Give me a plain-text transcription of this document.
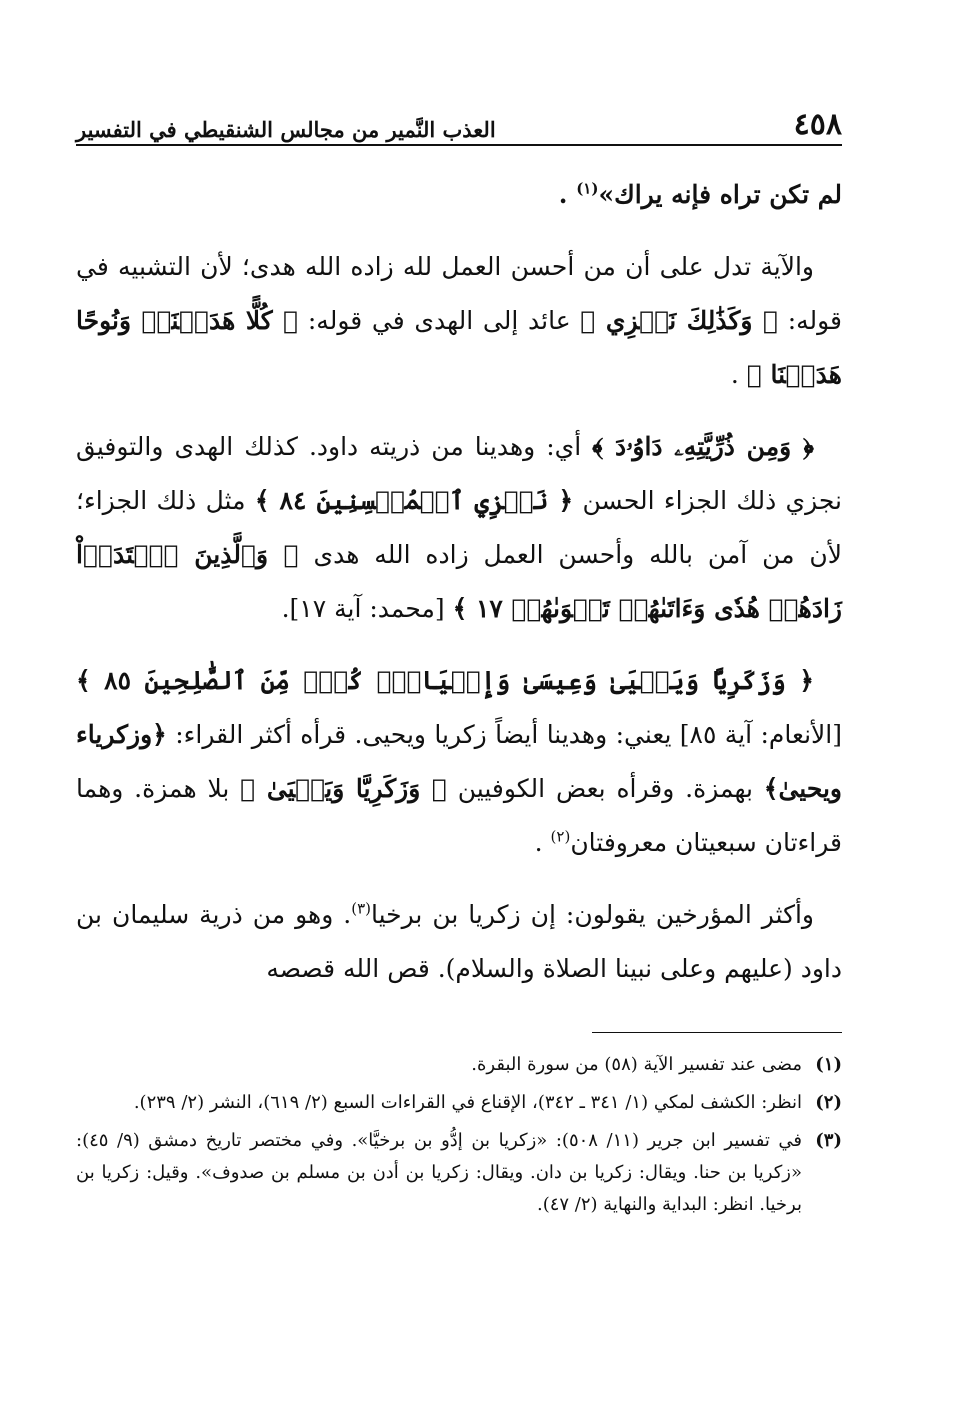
٤٥٨
العذب النَّمير من مجالس الشنقيطي في التفسير

لم تكن تراه فإنه يراك»$^{(١)}$ .

والآية تدل على أن من أحسن العمل لله زاده الله هدى؛ لأن التشبيه في قوله: ﴿ وَكَذَٰلِكَ نَجۡزِي ﴾ عائد إلى الهدى في قوله: ﴿ كُلًّا هَدَيۡنَاۚ وَنُوحًا هَدَيۡنَا ﴾ .

﴿ وَمِن ذُرِّيَّتِهِۦ دَاوُۥدَ ﴾ أي: وهدينا من ذريته داود. كذلك الهدى والتوفيق نجزي ذلك الجزاء الحسن ﴿ نَجۡزِي ٱلۡمُحۡسِنِينَ ٨٤ ﴾ مثل ذلك الجزاء؛ لأن من آمن بالله وأحسن العمل زاده الله هدى ﴿ وَٱلَّذِينَ ٱهۡتَدَوۡاْ زَادَهُمۡ هُدٗى وَءَاتَىٰهُمۡ تَقۡوَىٰهُمۡ ١٧ ﴾ [محمد: آية ١٧].

﴿ وَزَكَرِيَّا وَيَحۡيَىٰ وَعِيسَىٰ وَإِلۡيَاسَۖ كُلّٞ مِّنَ ٱلصَّٰلِحِينَ ٨٥ ﴾ [الأنعام: آية ٨٥] يعني: وهدينا أيضاً زكريا ويحيى. قرأه أكثر القراء: ﴿وزكرياء ويحيىٰ﴾ بهمزة. وقرأه بعض الكوفيين ﴿ وَزَكَرِيَّا وَيَحۡيَىٰ ﴾ بلا همزة. وهما قراءتان سبعيتان معروفتان$^{(٢)}$ .

وأكثر المؤرخين يقولون: إن زكريا بن برخيا$^{(٣)}$. وهو من ذرية سليمان بن داود (عليهم وعلى نبينا الصلاة والسلام). قص الله قصصه

(١)
مضى عند تفسير الآية (٥٨) من سورة البقرة.
(٢)
انظر: الكشف لمكي (١/ ٣٤١ ـ ٣٤٢)، الإقناع في القراءات السبع (٢/ ٦١٩)، النشر (٢/ ٢٣٩).
(٣)
في تفسير ابن جرير (١١/ ٥٠٨): «زكريا بن إدُّو بن برخيَّا». وفي مختصر تاريخ دمشق (٩/ ٤٥): «زكريا بن حنا. ويقال: زكريا بن دان. ويقال: زكريا بن أدن بن مسلم بن صدوف». وقيل: زكريا بن برخيا. انظر: البداية والنهاية (٢/ ٤٧).
